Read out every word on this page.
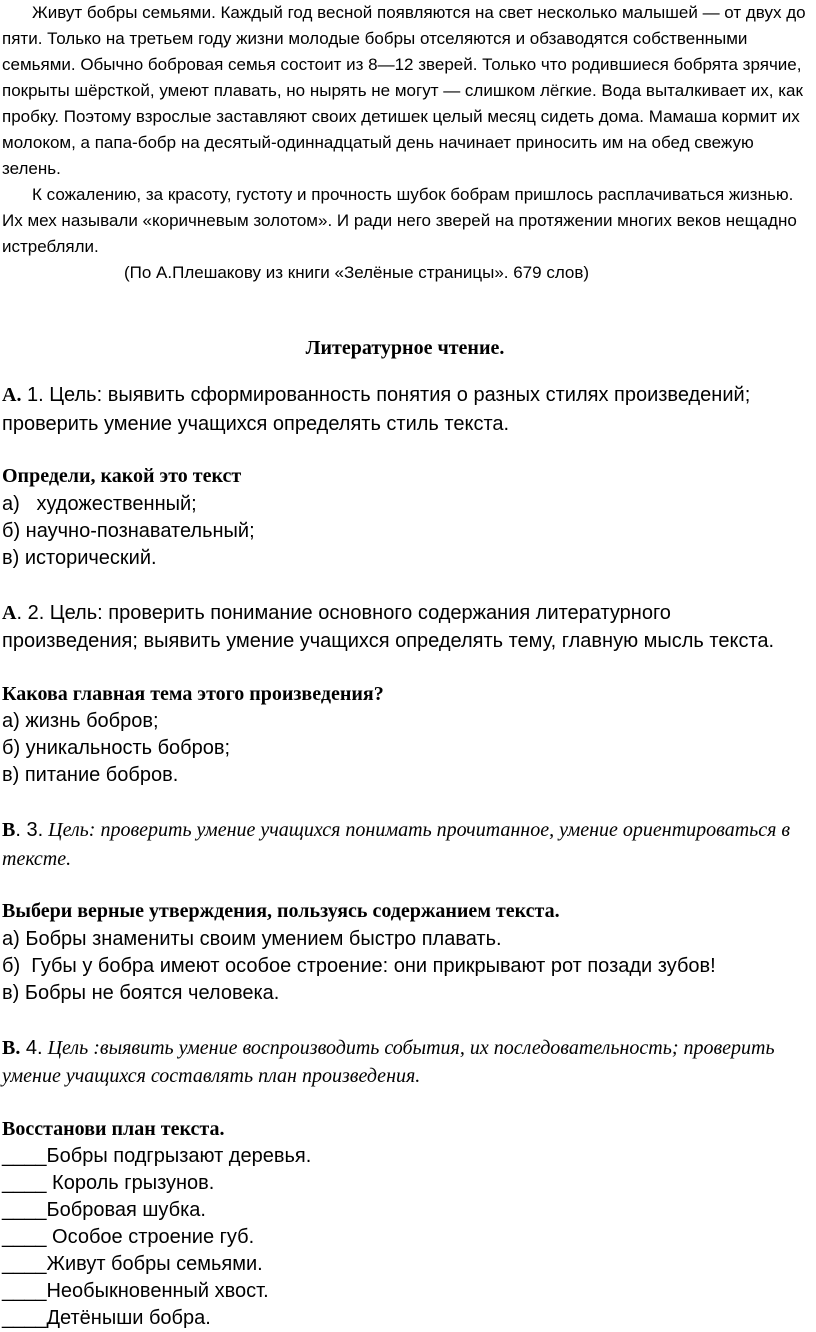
Живут бобры семьями. Каждый год весной появляются на свет несколько малышей — от двух до пяти. Только на третьем году жизни молодые бобры отселяются и обзаводятся собственными семьями. Обычно бобровая семья состоит из 8—12 зверей. Только что родившиеся бобрята зрячие, покрыты шёрсткой, умеют плавать, но нырять не могут — слишком лёгкие. Вода выталкивает их, как пробку. Поэтому взрослые заставляют своих детишек целый месяц сидеть дома. Мамаша кормит их молоком, а папа-бобр на десятый-одиннадцатый день начинает приносить им на обед свежую зелень.

К сожалению, за красоту, густоту и прочность шубок бобрам пришлось расплачиваться жизнью. Их мех называли «коричневым золотом». И ради него зверей на протяжении многих веков нещадно истребляли.

(По А.Плешакову из книги «Зелёные страницы». 679 слов)
Литературное чтение.
А. 1. Цель: выявить сформированность понятия о разных стилях произведений; проверить умение учащихся определять стиль текста.
Определи, какой это текст
а)   художественный;
б) научно-познавательный;
в) исторический.
А. 2. Цель: проверить понимание основного содержания литературного произведения; выявить умение учащихся определять тему, главную мысль текста.
Какова главная тема этого произведения?
а) жизнь бобров;
б) уникальность бобров;
в) питание бобров.
В. 3. Цель: проверить умение учащихся понимать прочитанное, умение ориентироваться в тексте.
Выбери верные утверждения, пользуясь содержанием текста.
а) Бобры знамениты своим умением быстро плавать.
б)  Губы у бобра имеют особое строение: они прикрывают рот позади зубов!
в) Бобры не боятся человека.
В. 4. Цель :выявить умение воспроизводить события, их последовательность; проверить умение учащихся составлять план произведения.
Восстанови план текста.
____Бобры подгрызают деревья.
____ Король грызунов.
____Бобровая шубка.
____ Особое строение губ.
____Живут бобры семьями.
____Необыкновенный хвост.
____Детёныши бобра.
